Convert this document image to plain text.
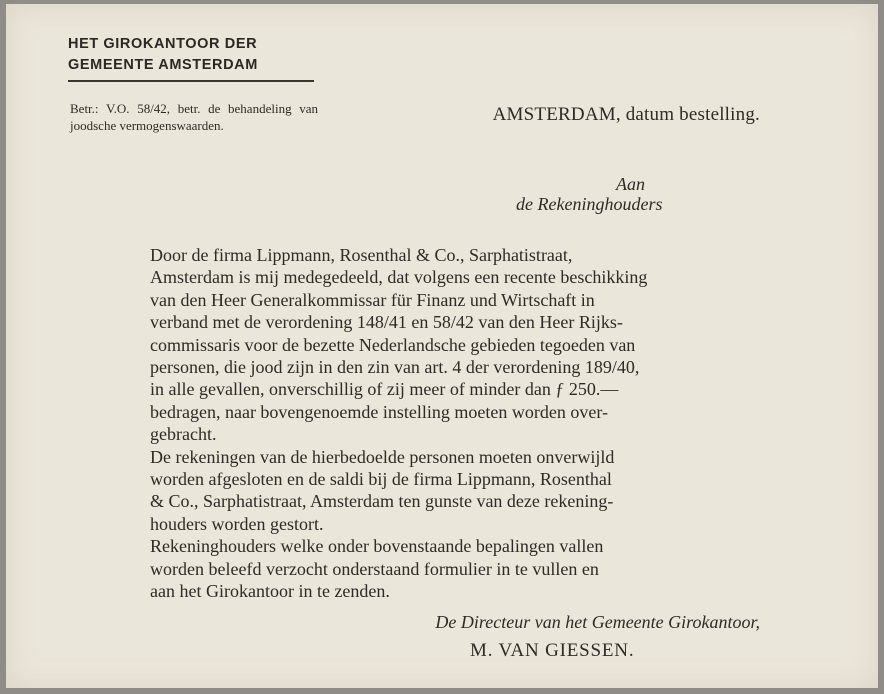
HET GIROKANTOOR DER
GEMEENTE AMSTERDAM
Betr.: V.O. 58/42, betr. de behandeling van joodsche vermogenswaarden.
AMSTERDAM, datum bestelling.
Aan
de Rekeninghouders

Door de firma Lippmann, Rosenthal & Co., Sarphatistraat,
Amsterdam is mij medegedeeld, dat volgens een recente beschikking
van den Heer Generalkommissar für Finanz und Wirtschaft in
verband met de verordening 148/41 en 58/42 van den Heer Rijks-
commissaris voor de bezette Nederlandsche gebieden tegoeden van
personen, die jood zijn in den zin van art. 4 der verordening 189/40,
in alle gevallen, onverschillig of zij meer of minder dan ƒ 250.—
bedragen, naar bovengenoemde instelling moeten worden over-
gebracht.

De rekeningen van de hierbedoelde personen moeten onverwijld
worden afgesloten en de saldi bij de firma Lippmann, Rosenthal
& Co., Sarphatistraat, Amsterdam ten gunste van deze rekening-
houders worden gestort.

Rekeninghouders welke onder bovenstaande bepalingen vallen
worden beleefd verzocht onderstaand formulier in te vullen en
aan het Girokantoor in te zenden.

De Directeur van het Gemeente Girokantoor,
M. VAN GIESSEN.
